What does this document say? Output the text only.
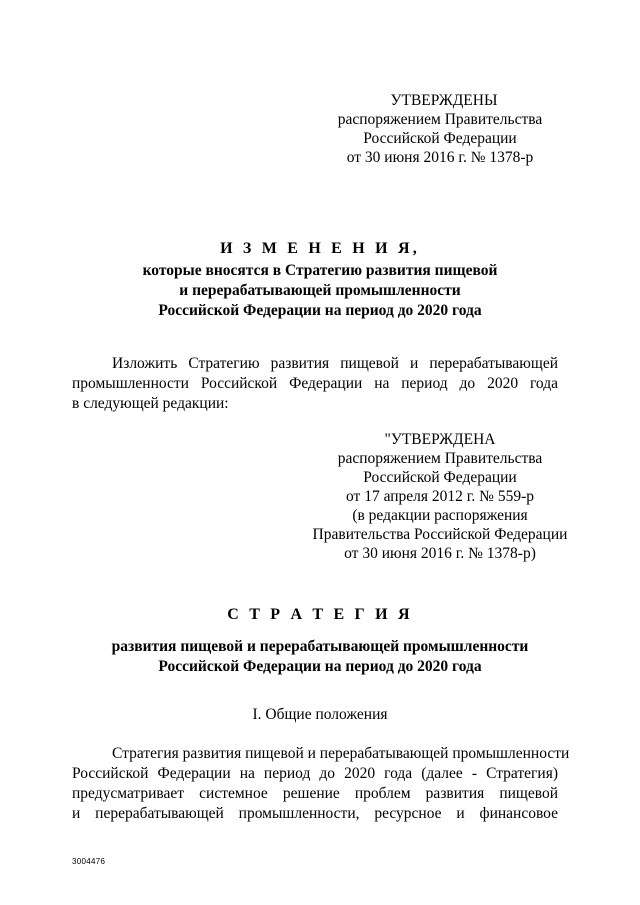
УТВЕРЖДЕНЫ
распоряжением Правительства
Российской Федерации
от 30 июня 2016 г. № 1378-р
И З М Е Н Е Н И Я,
которые вносятся в Стратегию развития пищевой
и перерабатывающей промышленности
Российской Федерации на период до 2020 года
Изложить Стратегию развития пищевой и перерабатывающей
промышленности Российской Федерации на период до 2020 года
в следующей редакции:
"УТВЕРЖДЕНА
распоряжением Правительства
Российской Федерации
от 17 апреля 2012 г. № 559-р
(в редакции распоряжения
Правительства Российской Федерации
от 30 июня 2016 г. № 1378-р)
С Т Р А Т Е Г И Я
развития пищевой и перерабатывающей промышленности
Российской Федерации на период до 2020 года
I. Общие положения
Стратегия развития пищевой и перерабатывающей промышленности
Российской Федерации на период до 2020 года (далее - Стратегия)
предусматривает системное решение проблем развития пищевой
и перерабатывающей промышленности, ресурсное и финансовое
3004476
